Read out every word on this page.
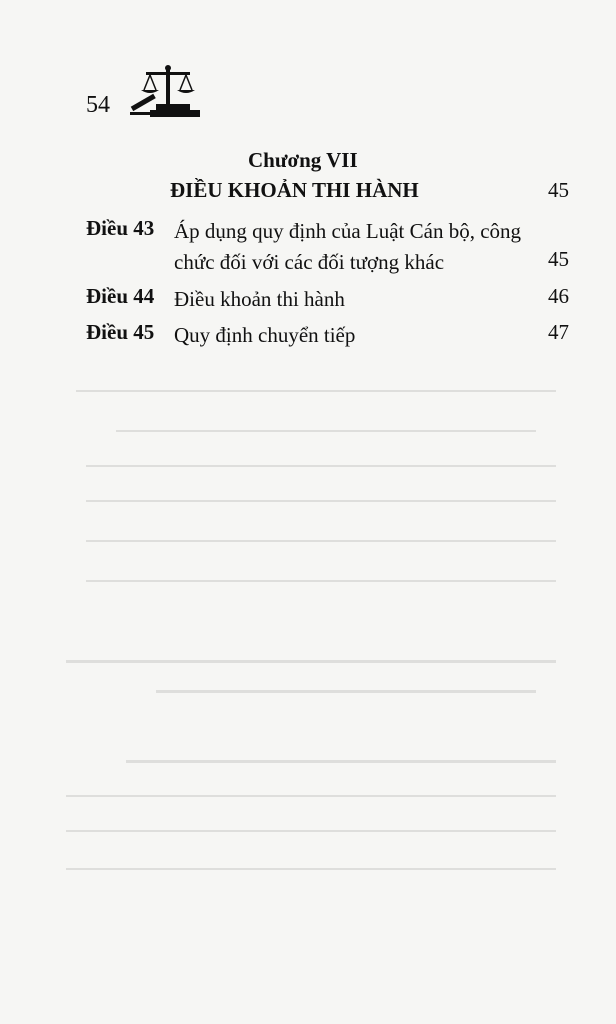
54
Chương VII
ĐIỀU KHOẢN THI HÀNH	45
Điều 43 Áp dụng quy định của Luật Cán bộ, công chức đối với các đối tượng khác	45
Điều 44 Điều khoản thi hành	46
Điều 45 Quy định chuyển tiếp	47
